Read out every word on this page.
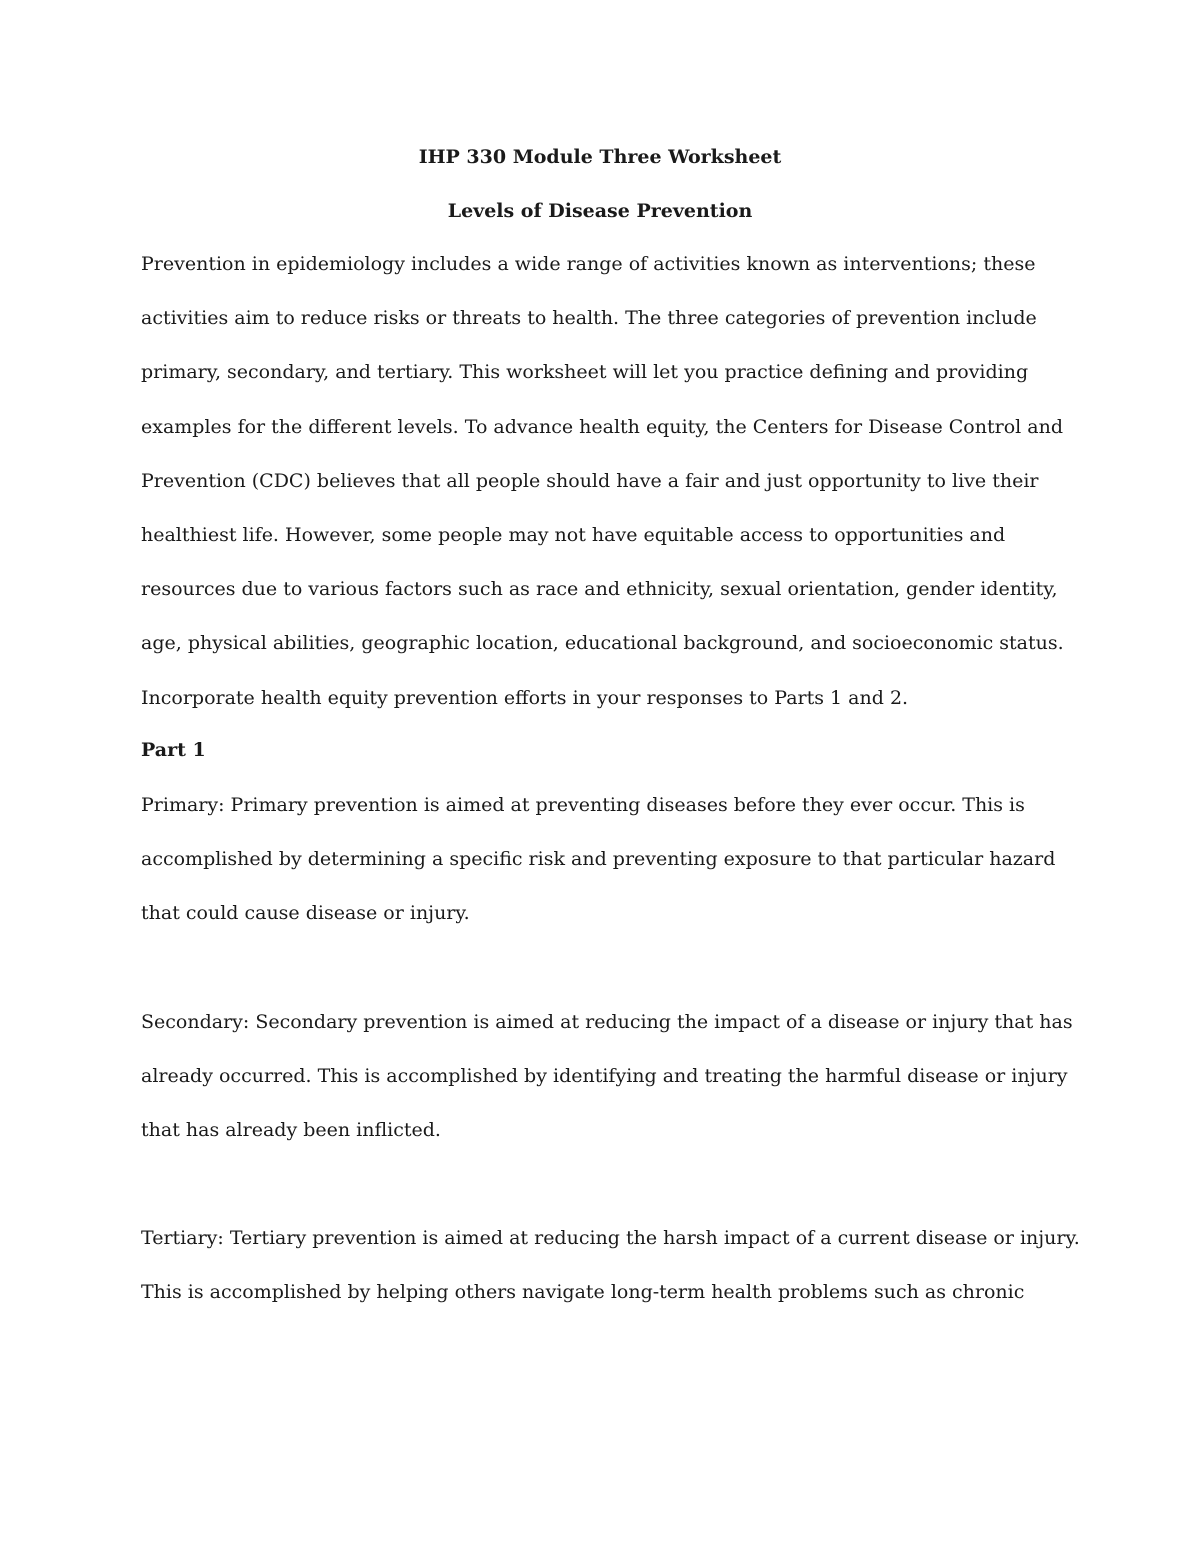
IHP 330 Module Three Worksheet
Levels of Disease Prevention

Prevention in epidemiology includes a wide range of activities known as interventions; these
activities aim to reduce risks or threats to health. The three categories of prevention include
primary, secondary, and tertiary. This worksheet will let you practice defining and providing
examples for the different levels. To advance health equity, the Centers for Disease Control and
Prevention (CDC) believes that all people should have a fair and just opportunity to live their
healthiest life. However, some people may not have equitable access to opportunities and
resources due to various factors such as race and ethnicity, sexual orientation, gender identity,
age, physical abilities, geographic location, educational background, and socioeconomic status.
Incorporate health equity prevention efforts in your responses to Parts 1 and 2.

Part 1

Primary: Primary prevention is aimed at preventing diseases before they ever occur. This is
accomplished by determining a specific risk and preventing exposure to that particular hazard
that could cause disease or injury.

Secondary: Secondary prevention is aimed at reducing the impact of a disease or injury that has
already occurred. This is accomplished by identifying and treating the harmful disease or injury
that has already been inflicted.

Tertiary: Tertiary prevention is aimed at reducing the harsh impact of a current disease or injury.
This is accomplished by helping others navigate long-term health problems such as chronic
